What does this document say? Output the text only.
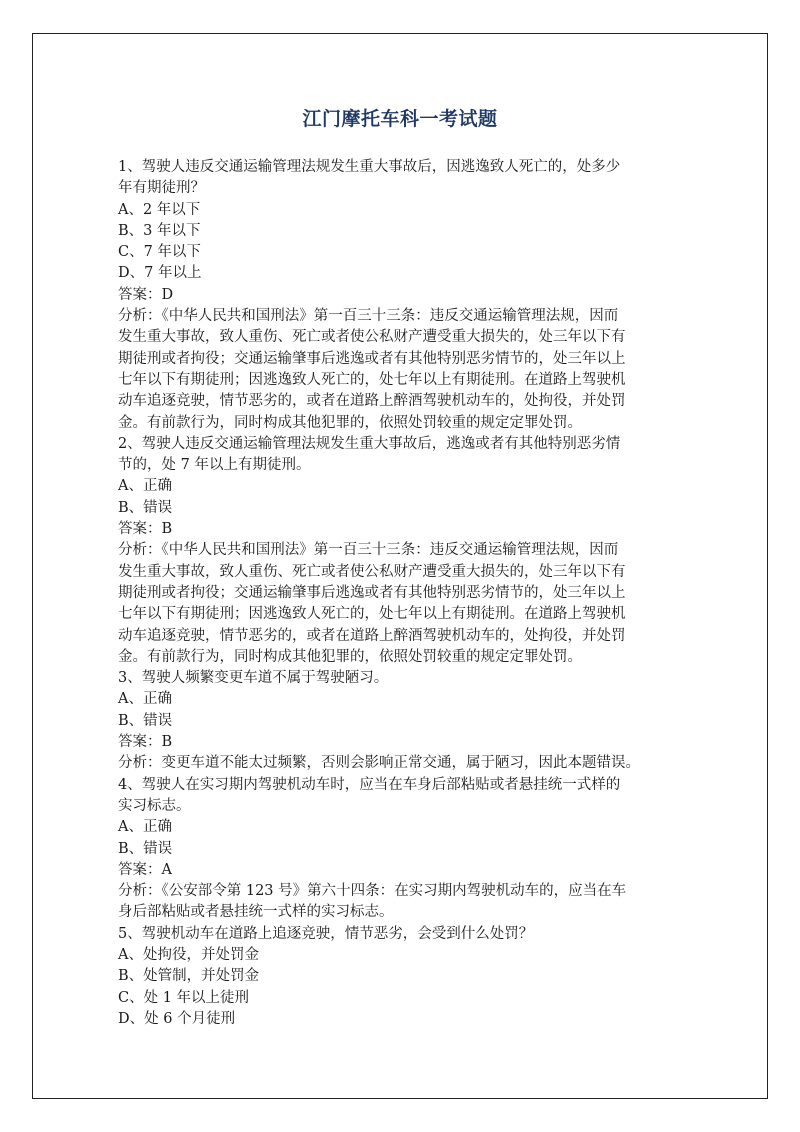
江门摩托车科一考试题

1、驾驶人违反交通运输管理法规发生重大事故后，因逃逸致人死亡的，处多少

年有期徒刑？

A、2 年以下

B、3 年以下

C、7 年以下

D、7 年以上

答案：D

分析：《中华人民共和国刑法》第一百三十三条：违反交通运输管理法规，因而

发生重大事故，致人重伤、死亡或者使公私财产遭受重大损失的，处三年以下有

期徒刑或者拘役；交通运输肇事后逃逸或者有其他特别恶劣情节的，处三年以上

七年以下有期徒刑；因逃逸致人死亡的，处七年以上有期徒刑。在道路上驾驶机

动车追逐竞驶，情节恶劣的，或者在道路上醉酒驾驶机动车的，处拘役，并处罚

金。有前款行为，同时构成其他犯罪的，依照处罚较重的规定定罪处罚。

2、驾驶人违反交通运输管理法规发生重大事故后，逃逸或者有其他特别恶劣情

节的，处 7 年以上有期徒刑。

A、正确

B、错误

答案：B

分析：《中华人民共和国刑法》第一百三十三条：违反交通运输管理法规，因而

发生重大事故，致人重伤、死亡或者使公私财产遭受重大损失的，处三年以下有

期徒刑或者拘役；交通运输肇事后逃逸或者有其他特别恶劣情节的，处三年以上

七年以下有期徒刑；因逃逸致人死亡的，处七年以上有期徒刑。在道路上驾驶机

动车追逐竞驶，情节恶劣的，或者在道路上醉酒驾驶机动车的，处拘役，并处罚

金。有前款行为，同时构成其他犯罪的，依照处罚较重的规定定罪处罚。

3、驾驶人频繁变更车道不属于驾驶陋习。

A、正确

B、错误

答案：B

分析：变更车道不能太过频繁，否则会影响正常交通，属于陋习，因此本题错误。

4、驾驶人在实习期内驾驶机动车时，应当在车身后部粘贴或者悬挂统一式样的

实习标志。

A、正确

B、错误

答案：A

分析：《公安部令第 123 号》第六十四条：在实习期内驾驶机动车的，应当在车

身后部粘贴或者悬挂统一式样的实习标志。

5、驾驶机动车在道路上追逐竞驶，情节恶劣，会受到什么处罚？

A、处拘役，并处罚金

B、处管制，并处罚金

C、处 1 年以上徒刑

D、处 6 个月徒刑
